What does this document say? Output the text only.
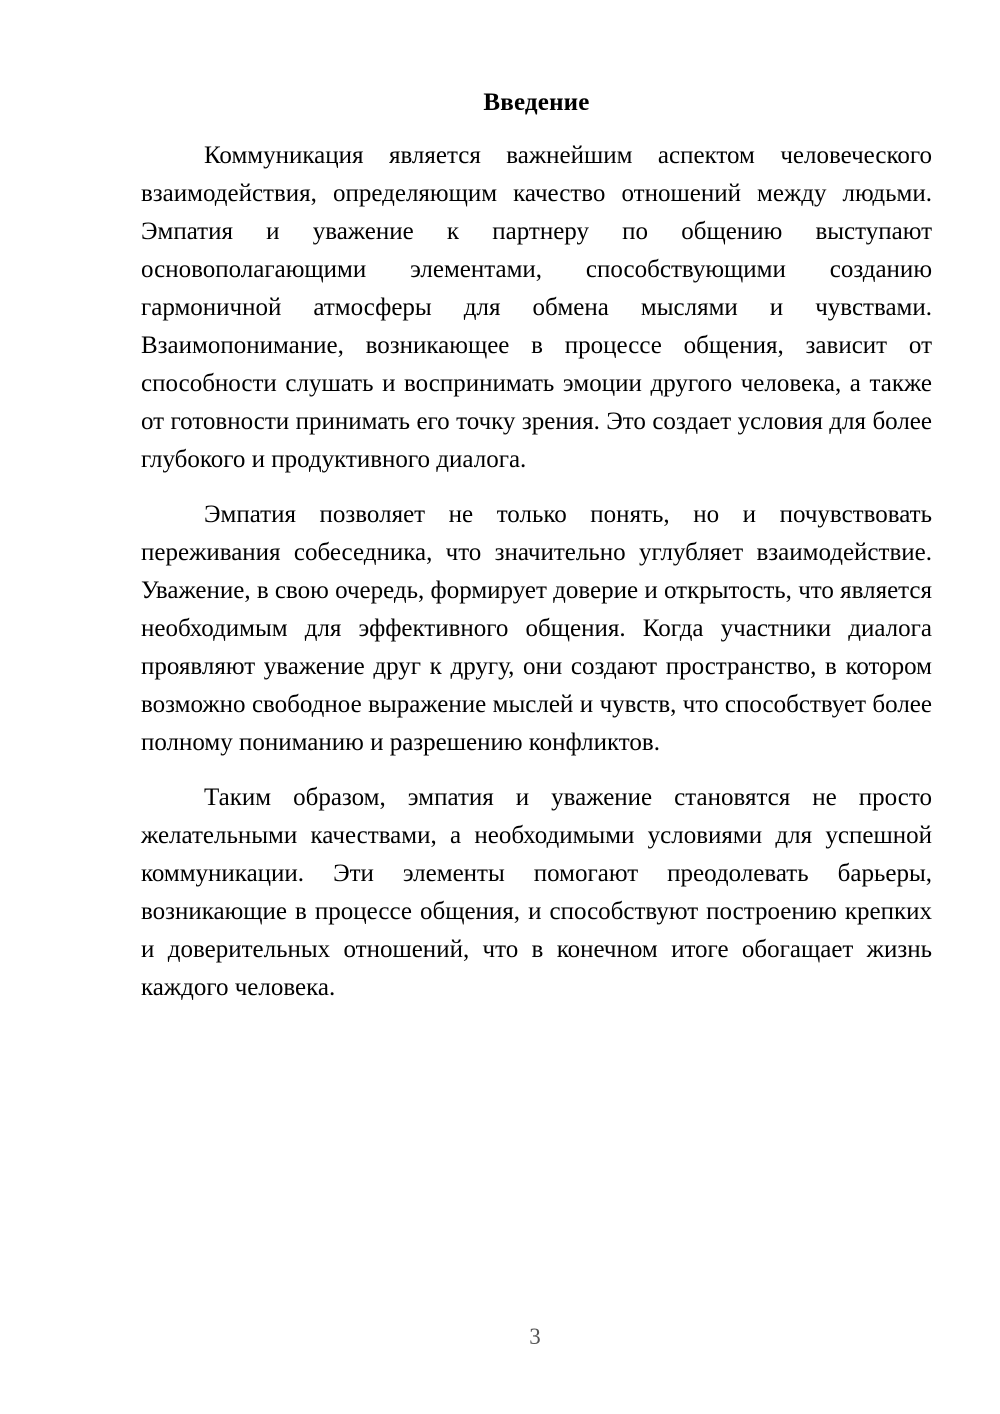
Введение

Коммуникация является важнейшим аспектом человеческого взаимодействия, определяющим качество отношений между людьми. Эмпатия и уважение к партнеру по общению выступают основополагающими элементами, способствующими созданию гармоничной атмосферы для обмена мыслями и чувствами. Взаимопонимание, возникающее в процессе общения, зависит от способности слушать и воспринимать эмоции другого человека, а также от готовности принимать его точку зрения. Это создает условия для более глубокого и продуктивного диалога.

Эмпатия позволяет не только понять, но и почувствовать переживания собеседника, что значительно углубляет взаимодействие. Уважение, в свою очередь, формирует доверие и открытость, что является необходимым для эффективного общения. Когда участники диалога проявляют уважение друг к другу, они создают пространство, в котором возможно свободное выражение мыслей и чувств, что способствует более полному пониманию и разрешению конфликтов.

Таким образом, эмпатия и уважение становятся не просто желательными качествами, а необходимыми условиями для успешной коммуникации. Эти элементы помогают преодолевать барьеры, возникающие в процессе общения, и способствуют построению крепких и доверительных отношений, что в конечном итоге обогащает жизнь каждого человека.

3
